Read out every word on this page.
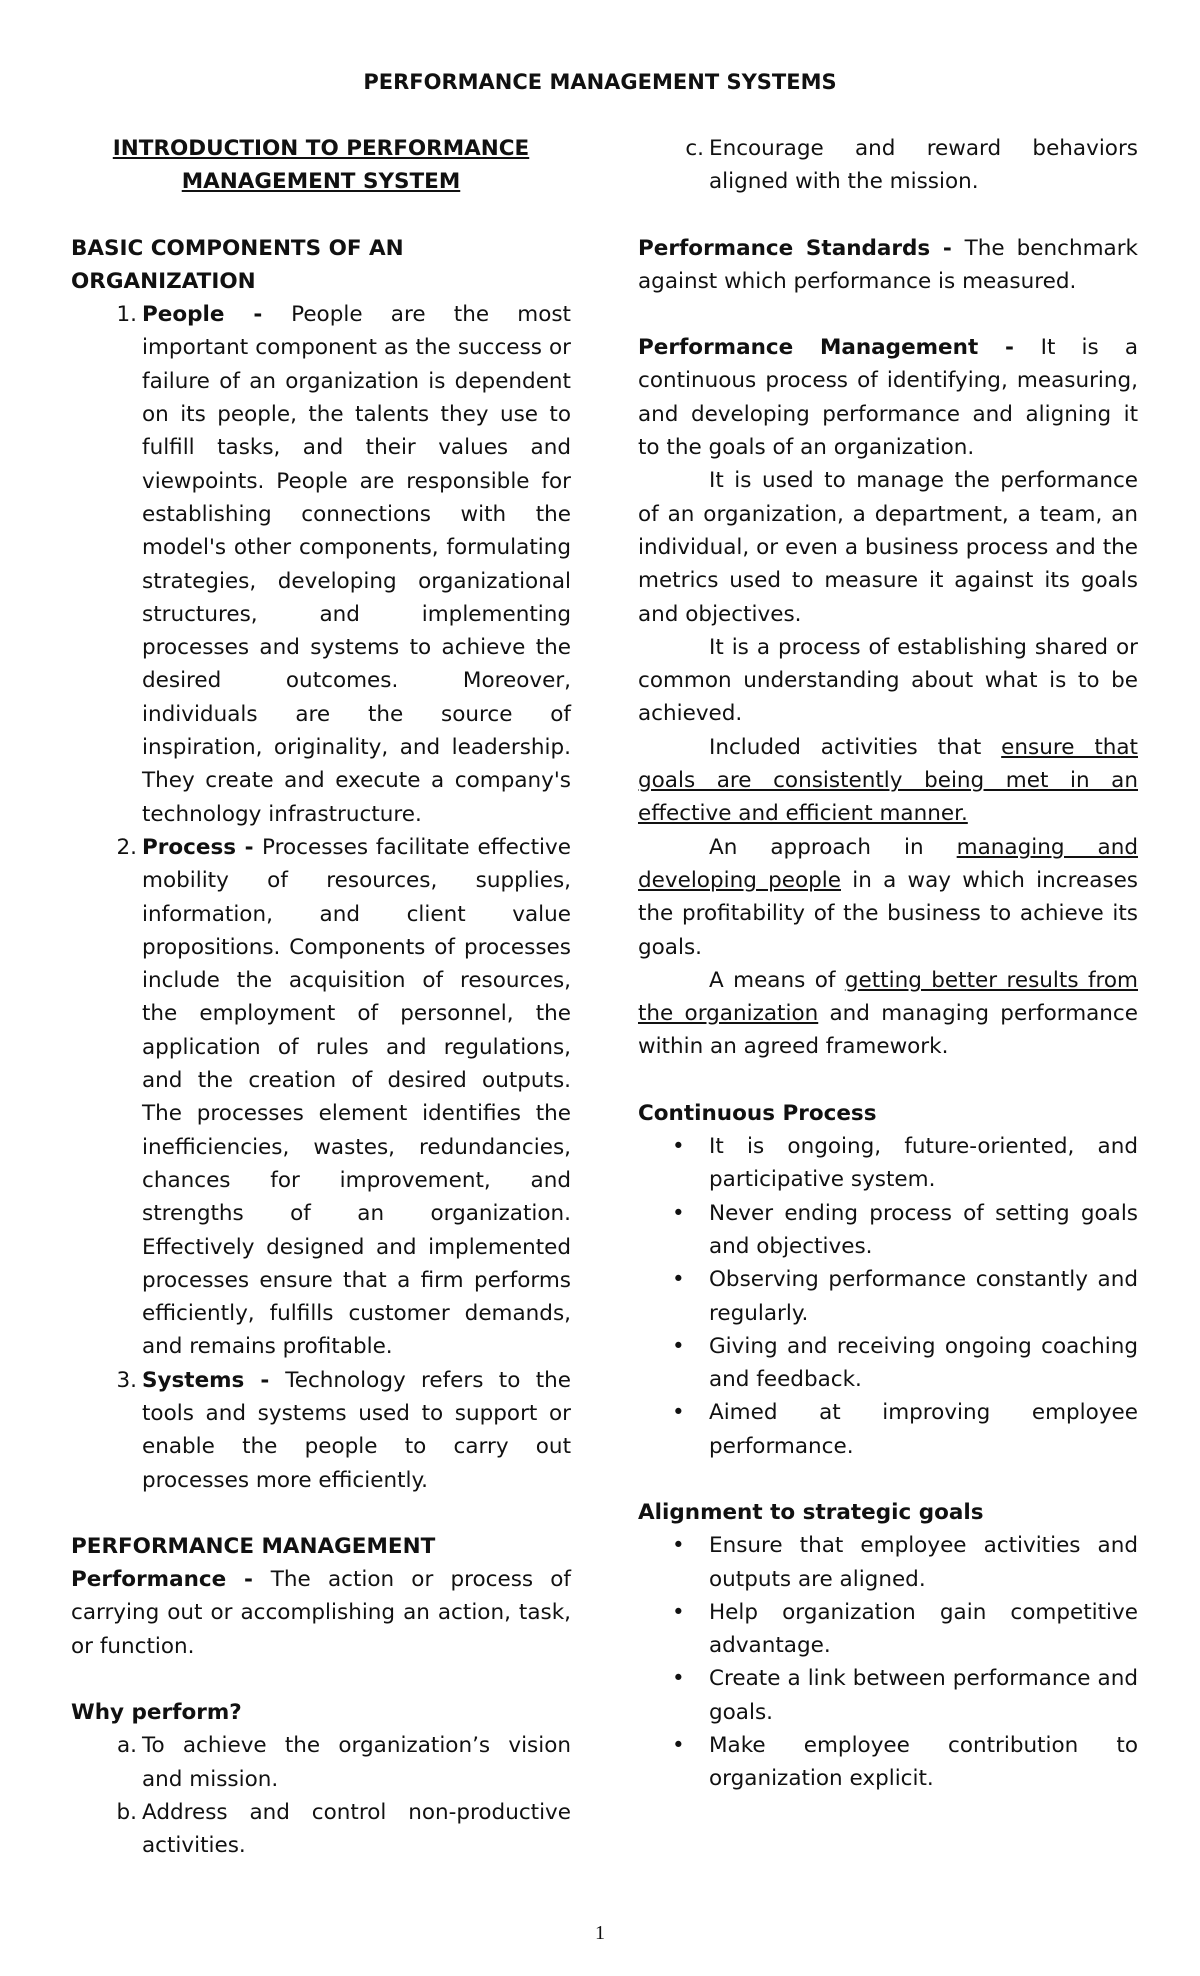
PERFORMANCE MANAGEMENT SYSTEMS

INTRODUCTION TO PERFORMANCE
MANAGEMENT SYSTEM

BASIC COMPONENTS OF AN ORGANIZATION

1. People - People are the most important component as the success or failure of an organization is dependent on its people, the talents they use to fulfill tasks, and their values and viewpoints. People are responsible for establishing connections with the model's other components, formulating strategies, developing organizational structures, and implementing processes and systems to achieve the desired outcomes. Moreover, individuals are the source of inspiration, originality, and leadership. They create and execute a company's technology infrastructure.

2. Process - Processes facilitate effective mobility of resources, supplies, information, and client value propositions. Components of processes include the acquisition of resources, the employment of personnel, the application of rules and regulations, and the creation of desired outputs. The processes element identifies the inefficiencies, wastes, redundancies, chances for improvement, and strengths of an organization. Effectively designed and implemented processes ensure that a firm performs efficiently, fulfills customer demands, and remains profitable.

3. Systems - Technology refers to the tools and systems used to support or enable the people to carry out processes more efficiently.

PERFORMANCE MANAGEMENT

Performance - The action or process of carrying out or accomplishing an action, task, or function.

Why perform?

a. To achieve the organization’s vision and mission.

b. Address and control non-productive activities.

c. Encourage and reward behaviors aligned with the mission.

Performance Standards - The benchmark against which performance is measured.

Performance Management - It is a continuous process of identifying, measuring, and developing performance and aligning it to the goals of an organization.

It is used to manage the performance of an organization, a department, a team, an individual, or even a business process and the metrics used to measure it against its goals and objectives.

It is a process of establishing shared or common understanding about what is to be achieved.

Included activities that ensure that goals are consistently being met in an effective and efficient manner.

An approach in managing and developing people in a way which increases the profitability of the business to achieve its goals.

A means of getting better results from the organization and managing performance within an agreed framework.

Continuous Process

• It is ongoing, future-oriented, and participative system.

• Never ending process of setting goals and objectives.

• Observing performance constantly and regularly.

• Giving and receiving ongoing coaching and feedback.

• Aimed at improving employee performance.

Alignment to strategic goals

• Ensure that employee activities and outputs are aligned.

• Help organization gain competitive advantage.

• Create a link between performance and goals.

• Make employee contribution to organization explicit.

1
